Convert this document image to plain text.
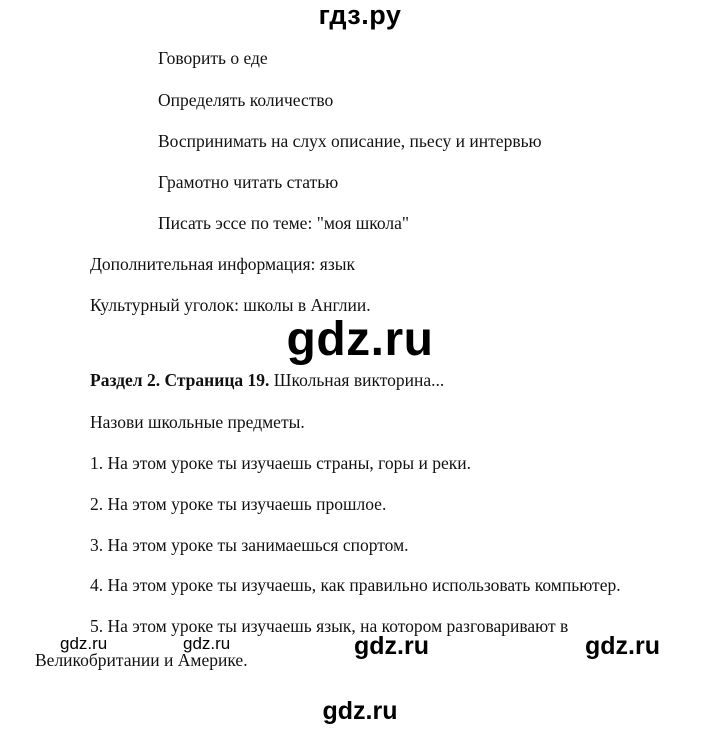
гдз.ру
Говорить о еде
Определять количество
Воспринимать на слух описание, пьесу и интервью
Грамотно читать статью
Писать эссе по теме: "моя школа"
Дополнительная информация: язык
Культурный уголок: школы в Англии.
gdz.ru
Раздел 2. Страница 19. Школьная викторина...
Назови школьные предметы.
1. На этом уроке ты изучаешь страны, горы и реки.
2. На этом уроке ты изучаешь прошлое.
3. На этом уроке ты занимаешься спортом.
4. На этом уроке ты изучаешь, как правильно использовать компьютер.
5. На этом уроке ты изучаешь язык, на котором разговаривают в
Великобритании и Америке.
gdz.ru	gdz.ru	gdz.ru	gdz.ru
gdz.ru
